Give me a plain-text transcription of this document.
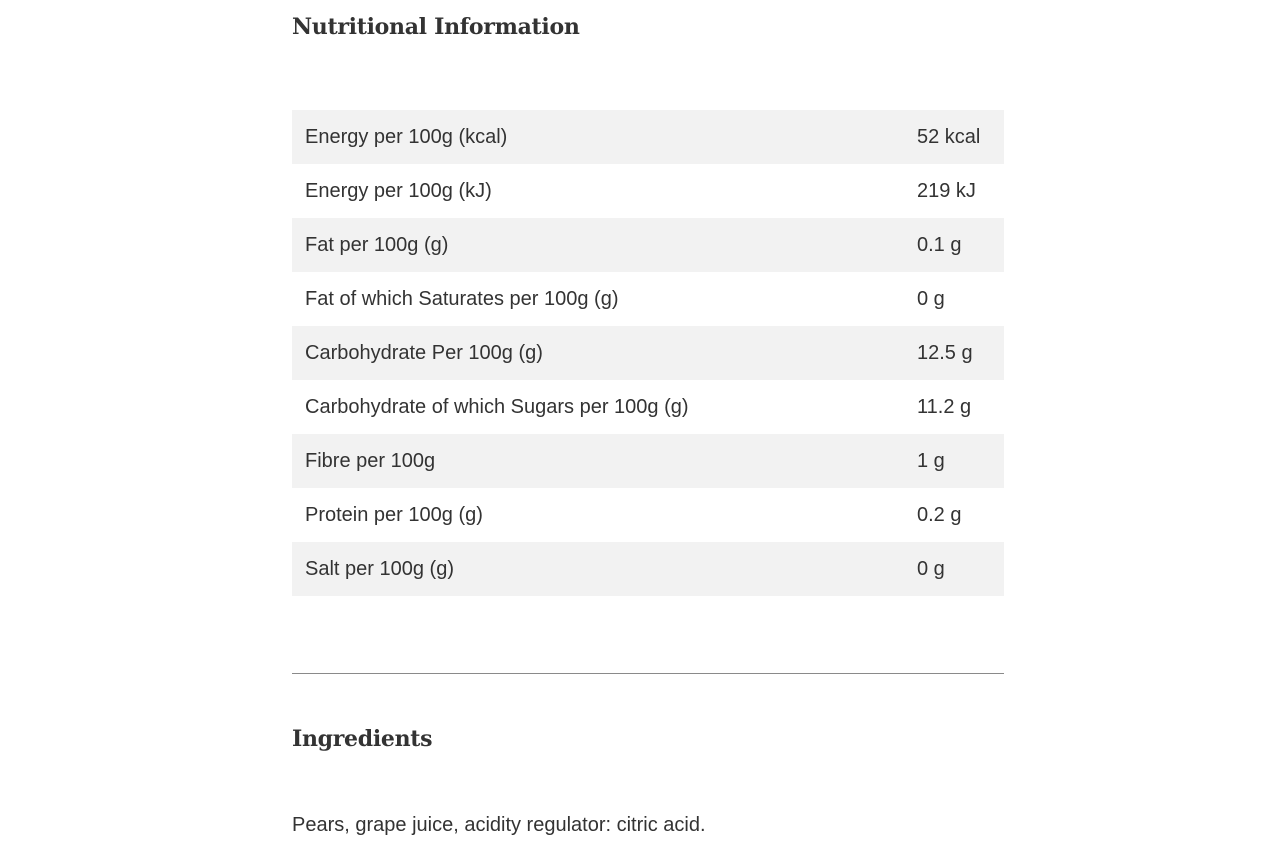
Nutritional Information
Energy per 100g (kcal)	52 kcal
Energy per 100g (kJ)	219 kJ
Fat per 100g (g)	0.1 g
Fat of which Saturates per 100g (g)	0 g
Carbohydrate Per 100g (g)	12.5 g
Carbohydrate of which Sugars per 100g (g)	11.2 g
Fibre per 100g	1 g
Protein per 100g (g)	0.2 g
Salt per 100g (g)	0 g
Ingredients

Pears, grape juice, acidity regulator: citric acid.
